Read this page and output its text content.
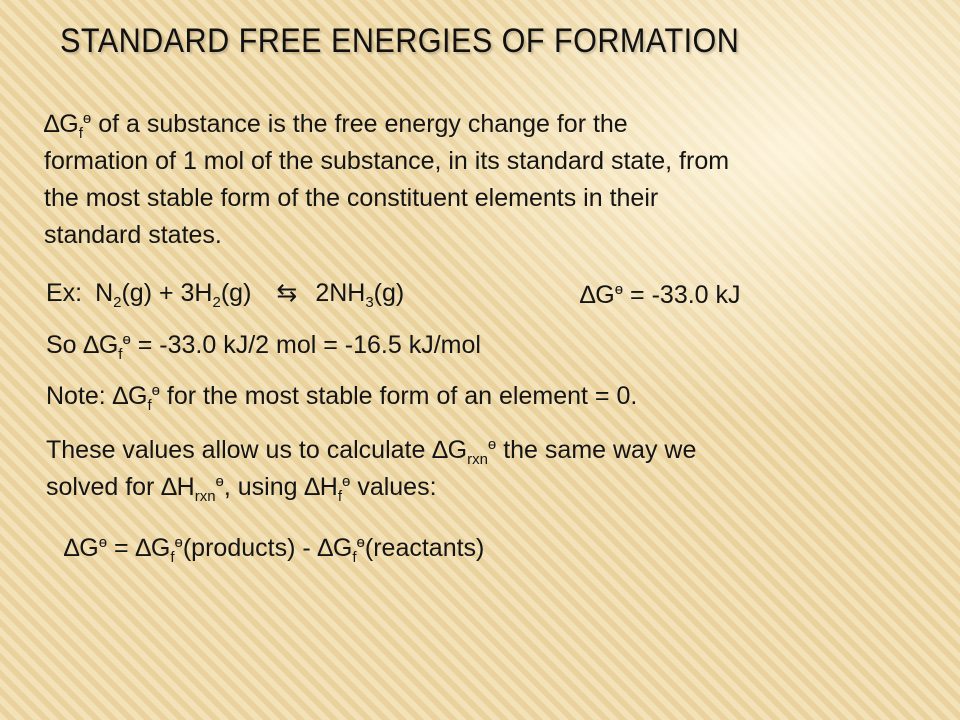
STANDARD FREE ENERGIES OF FORMATION
$\Delta G_f^ө$ of a substance is the free energy change for the
formation of 1 mol of the substance, in its standard state, from
the most stable form of the constituent elements in their
standard states.
Ex: $N_2(g) + 3H_2(g)$ ⇆ $2NH_3(g)$	$\Delta G^ө = -33.0$ kJ
So $\Delta G_f^ө = -33.0$ kJ/2 mol = -16.5 kJ/mol
Note: $\Delta G_f^ө$ for the most stable form of an element = 0.
These values allow us to calculate $\Delta G_{rxn}^ө$ the same way we
solved for $\Delta H_{rxn}^ө$, using $\Delta H_f^ө$ values:
$\Delta G^ө$ = $\Delta G_f^ө(products)$ - $\Delta G_f^ө(reactants)$
